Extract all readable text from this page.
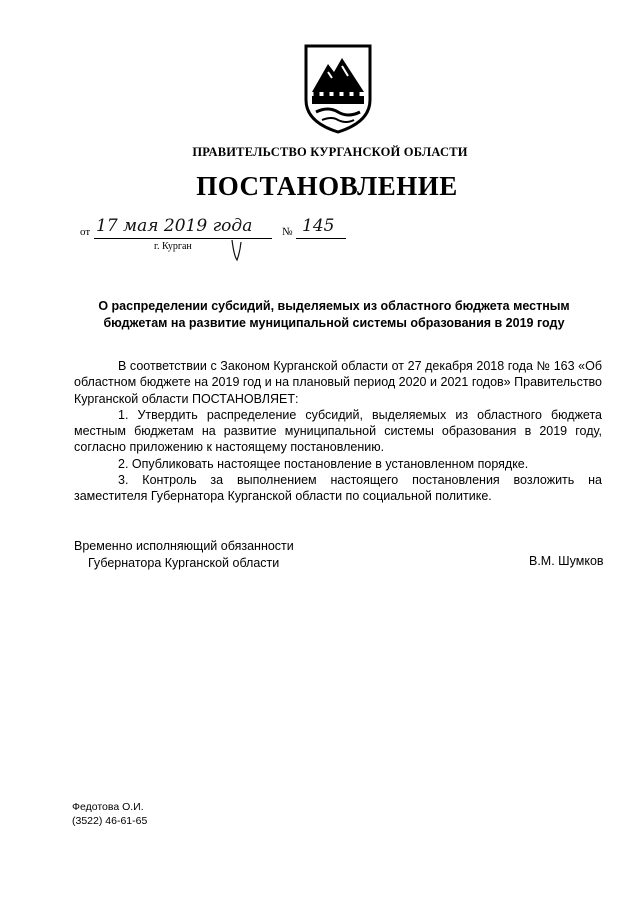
ПРАВИТЕЛЬСТВО КУРГАНСКОЙ ОБЛАСТИ
ПОСТАНОВЛЕНИЕ
от 17 мая 2019 года	№ 145
г. Курган
О распределении субсидий, выделяемых из областного бюджета местным бюджетам на развитие муниципальной системы образования в 2019 году

В соответствии с Законом Курганской области от 27 декабря 2018 года № 163 «Об областном бюджете на 2019 год и на плановый период 2020 и 2021 годов» Правительство Курганской области ПОСТАНОВЛЯЕТ:

1. Утвердить распределение субсидий, выделяемых из областного бюджета местным бюджетам на развитие муниципальной системы образования в 2019 году, согласно приложению к настоящему постановлению.

2. Опубликовать настоящее постановление в установленном порядке.

3. Контроль за выполнением настоящего постановления возложить на заместителя Губернатора Курганской области по социальной политике.

Временно исполняющий обязанности
Губернатора Курганской области	В.М. Шумков
Федотова О.И.
(3522) 46-61-65
